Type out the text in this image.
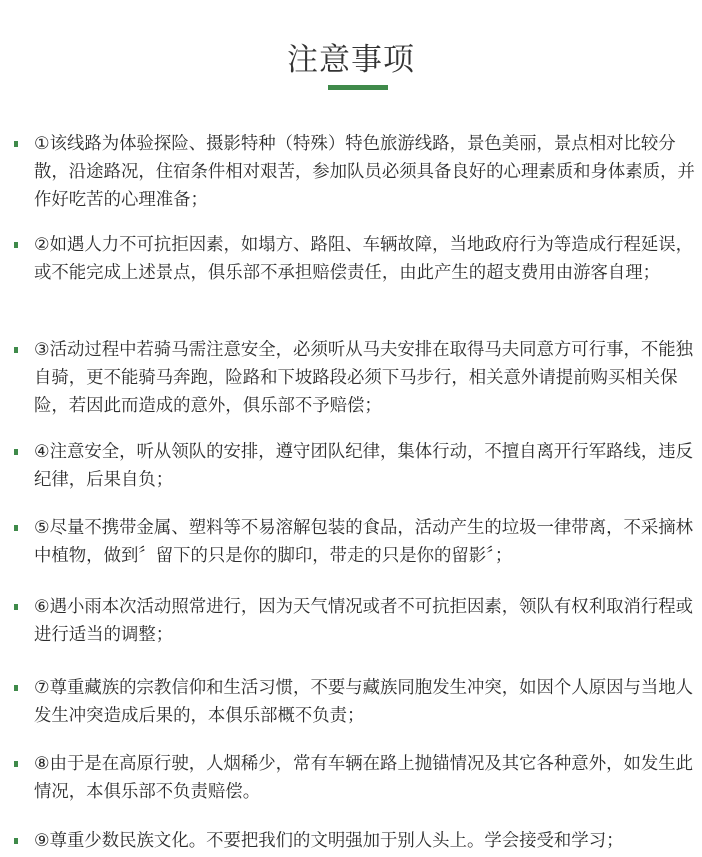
注意事项
①该线路为体验探险、摄影特种（特殊）特色旅游线路，景色美丽，景点相对比较分散，沿途路况，住宿条件相对艰苦，参加队员必须具备良好的心理素质和身体素质，并作好吃苦的心理准备；
②如遇人力不可抗拒因素，如塌方、路阻、车辆故障，当地政府行为等造成行程延误，或不能完成上述景点，俱乐部不承担赔偿责任，由此产生的超支费用由游客自理；
③活动过程中若骑马需注意安全，必须听从马夫安排在取得马夫同意方可行事，不能独自骑，更不能骑马奔跑，险路和下坡路段必须下马步行，相关意外请提前购买相关保险，若因此而造成的意外，俱乐部不予赔偿；
④注意安全，听从领队的安排，遵守团队纪律，集体行动，不擅自离开行军路线，违反纪律，后果自负；
⑤尽量不携带金属、塑料等不易溶解包装的食品，活动产生的垃圾一律带离，不采摘林中植物，做到〞留下的只是你的脚印，带走的只是你的留影〞；
⑥遇小雨本次活动照常进行，因为天气情况或者不可抗拒因素，领队有权利取消行程或进行适当的调整；
⑦尊重藏族的宗教信仰和生活习惯，不要与藏族同胞发生冲突，如因个人原因与当地人发生冲突造成后果的，本俱乐部概不负责；
⑧由于是在高原行驶，人烟稀少，常有车辆在路上抛锚情况及其它各种意外，如发生此情况，本俱乐部不负责赔偿。
⑨尊重少数民族文化。不要把我们的文明强加于别人头上。学会接受和学习；
